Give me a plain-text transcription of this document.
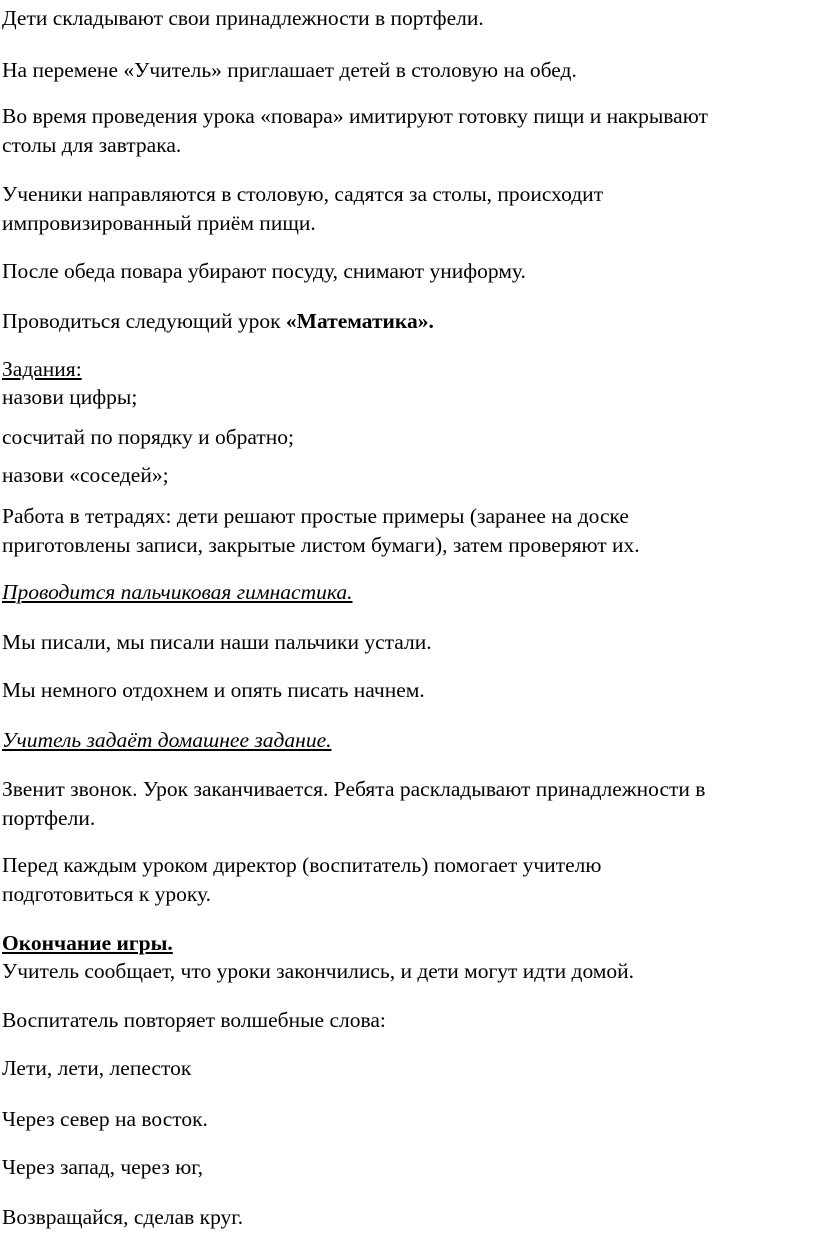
Дети складывают свои принадлежности в портфели.
На перемене «Учитель» приглашает детей в столовую на обед.
Во время проведения урока «повара» имитируют готовку пищи и накрывают
столы для завтрака.
Ученики направляются в столовую, садятся за столы, происходит
импровизированный приём пищи.
После обеда повара убирают посуду, снимают униформу.
Проводиться следующий урок «Математика».
Задания:
назови цифры;
сосчитай по порядку и обратно;
назови «соседей»;
Работа в тетрадях: дети решают простые примеры (заранее на доске
приготовлены записи, закрытые листом бумаги), затем проверяют их.
Проводится пальчиковая гимнастика.
Мы писали, мы писали наши пальчики устали.
Мы немного отдохнем и опять писать начнем.
Учитель задаёт домашнее задание.
Звенит звонок. Урок заканчивается. Ребята раскладывают принадлежности в
портфели.
Перед каждым уроком директор (воспитатель) помогает учителю
подготовиться к уроку.
Окончание игры.
Учитель сообщает, что уроки закончились, и дети могут идти домой.
Воспитатель повторяет волшебные слова:
Лети, лети, лепесток
Через север на восток.
Через запад, через юг,
Возвращайся, сделав круг.
